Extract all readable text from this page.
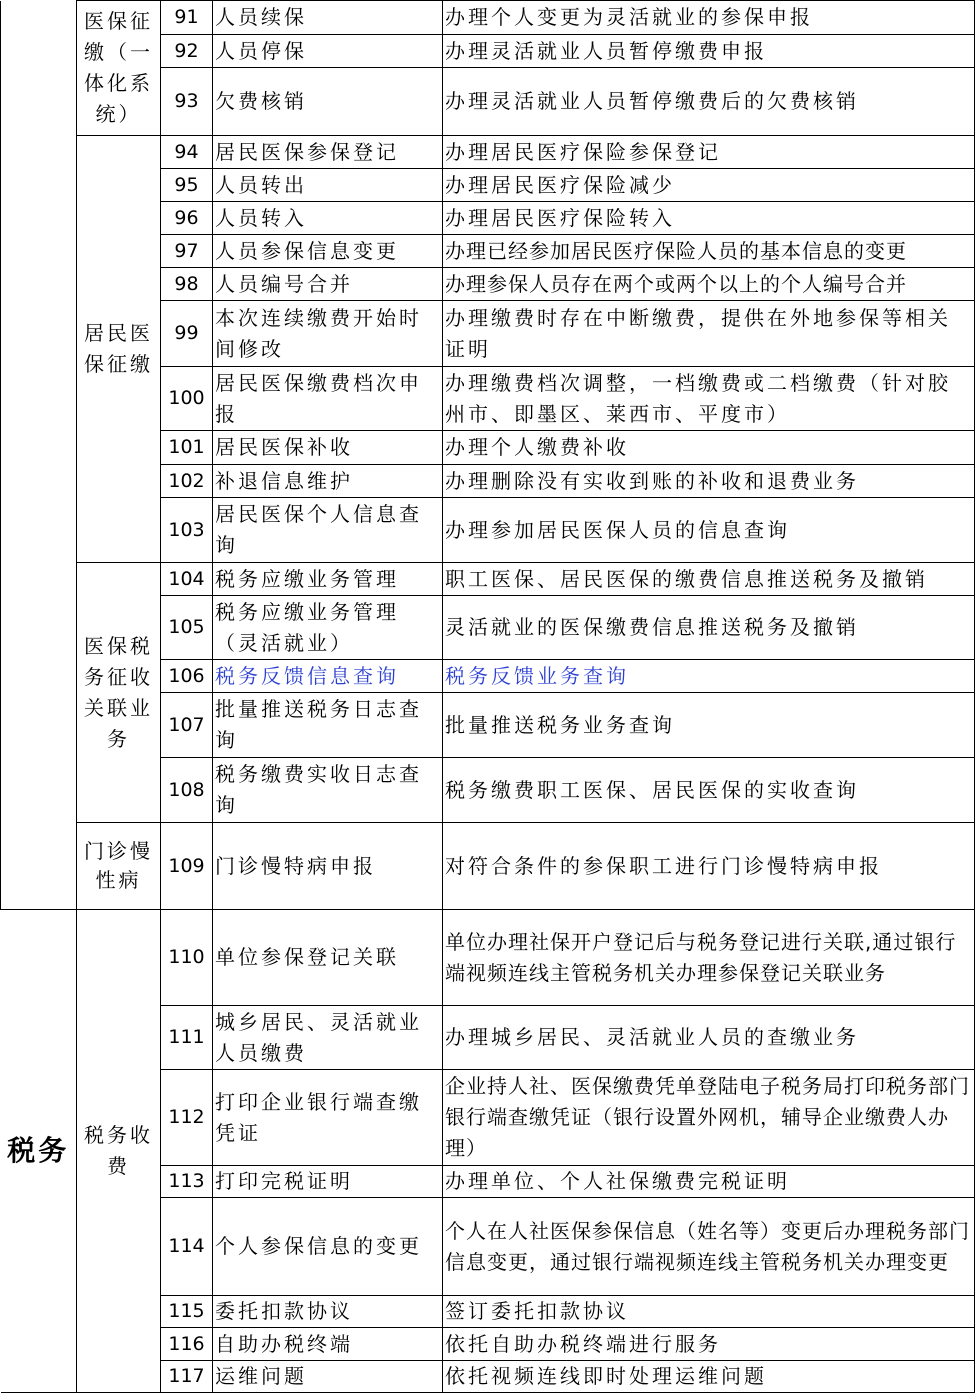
	医保征缴（一体化系统）	91	人员续保	办理个人变更为灵活就业的参保申报
		92	人员停保	办理灵活就业人员暂停缴费申报
		93	欠费核销	办理灵活就业人员暂停缴费后的欠费核销
	居民医保征缴	94	居民医保参保登记	办理居民医疗保险参保登记
		95	人员转出	办理居民医疗保险减少
		96	人员转入	办理居民医疗保险转入
		97	人员参保信息变更	办理已经参加居民医疗保险人员的基本信息的变更
		98	人员编号合并	办理参保人员存在两个或两个以上的个人编号合并
		99	本次连续缴费开始时间修改	办理缴费时存在中断缴费，提供在外地参保等相关证明
		100	居民医保缴费档次申报	办理缴费档次调整，一档缴费或二档缴费（针对胶州市、即墨区、莱西市、平度市）
		101	居民医保补收	办理个人缴费补收
		102	补退信息维护	办理删除没有实收到账的补收和退费业务
		103	居民医保个人信息查询	办理参加居民医保人员的信息查询
	医保税务征收关联业务	104	税务应缴业务管理	职工医保、居民医保的缴费信息推送税务及撤销
		105	税务应缴业务管理（灵活就业）	灵活就业的医保缴费信息推送税务及撤销
		106	税务反馈信息查询	税务反馈业务查询
		107	批量推送税务日志查询	批量推送税务业务查询
		108	税务缴费实收日志查询	税务缴费职工医保、居民医保的实收查询
	门诊慢性病	109	门诊慢特病申报	对符合条件的参保职工进行门诊慢特病申报
税务	税务收费	110	单位参保登记关联	单位办理社保开户登记后与税务登记进行关联,通过银行端视频连线主管税务机关办理参保登记关联业务
		111	城乡居民、灵活就业人员缴费	办理城乡居民、灵活就业人员的查缴业务
		112	打印企业银行端查缴凭证	企业持人社、医保缴费凭单登陆电子税务局打印税务部门银行端查缴凭证（银行设置外网机，辅导企业缴费人办理）
		113	打印完税证明	办理单位、个人社保缴费完税证明
		114	个人参保信息的变更	个人在人社医保参保信息（姓名等）变更后办理税务部门信息变更，通过银行端视频连线主管税务机关办理变更
		115	委托扣款协议	签订委托扣款协议
		116	自助办税终端	依托自助办税终端进行服务
		117	运维问题	依托视频连线即时处理运维问题
